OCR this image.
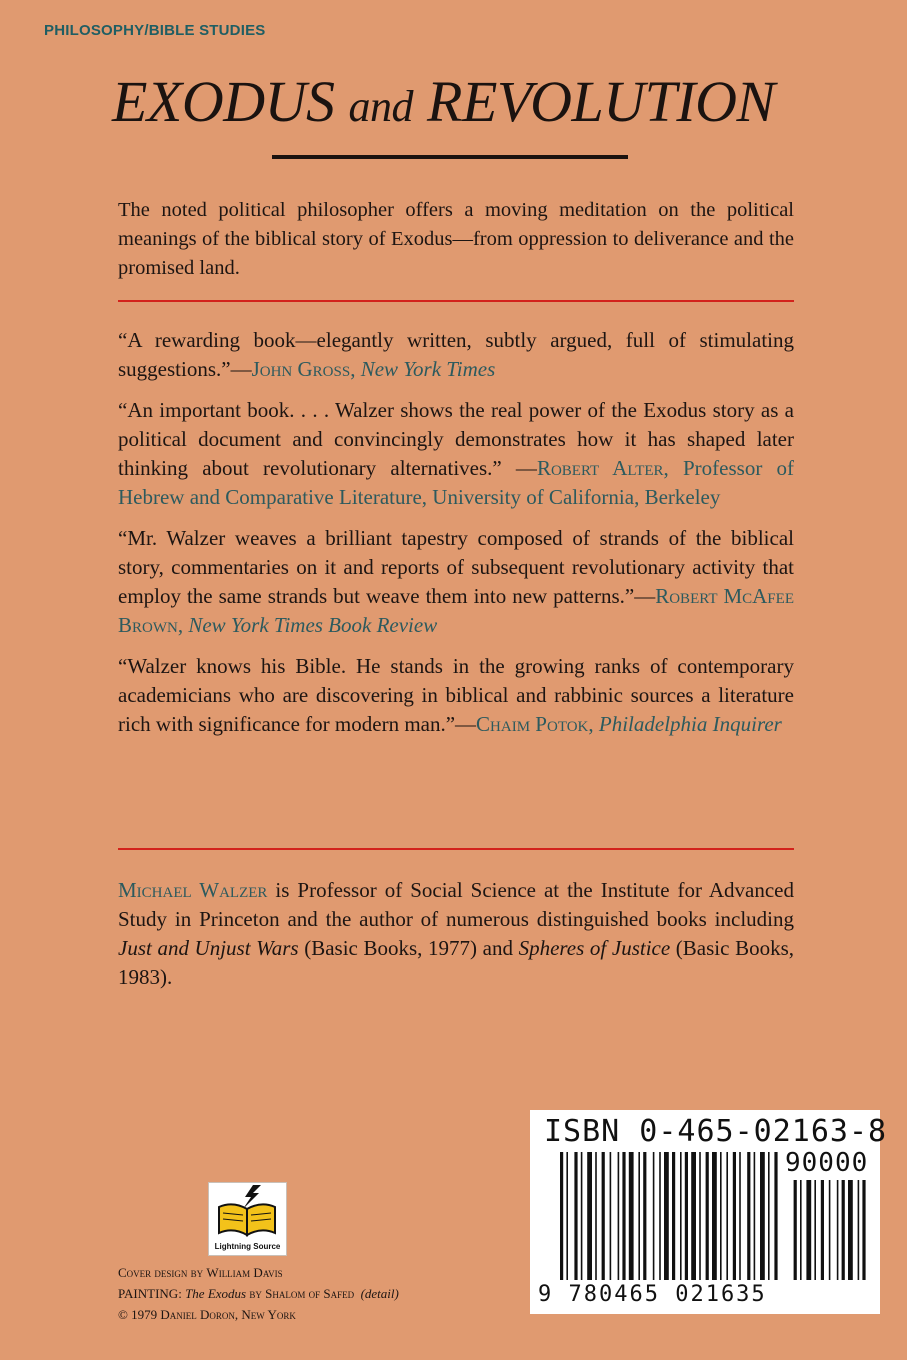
PHILOSOPHY/BIBLE STUDIES
EXODUS and REVOLUTION
The noted political philosopher offers a moving meditation on the political meanings of the biblical story of Exodus—from oppression to deliverance and the promised land.
“A rewarding book—elegantly written, subtly argued, full of stimulating suggestions.”—John Gross, New York Times
“An important book. . . . Walzer shows the real power of the Exodus story as a political document and convincingly demonstrates how it has shaped later thinking about revolutionary alternatives.” —Robert Alter, Professor of Hebrew and Comparative Literature, University of California, Berkeley
“Mr. Walzer weaves a brilliant tapestry composed of strands of the biblical story, commentaries on it and reports of subsequent revolutionary activity that employ the same strands but weave them into new patterns.”—Robert McAfee Brown, New York Times Book Review
“Walzer knows his Bible. He stands in the growing ranks of contemporary academicians who are discovering in biblical and rabbinic sources a literature rich with significance for modern man.”—Chaim Potok, Philadelphia Inquirer
Michael Walzer is Professor of Social Science at the Institute for Advanced Study in Princeton and the author of numerous distinguished books including Just and Unjust Wars (Basic Books, 1977) and Spheres of Justice (Basic Books, 1983).
Lightning Source
Cover design by William Davis
PAINTING: The Exodus by Shalom of Safed (detail)
© 1979 Daniel Doron, New York
ISBN 0-465-02163-8
90000
9 780465 021635
